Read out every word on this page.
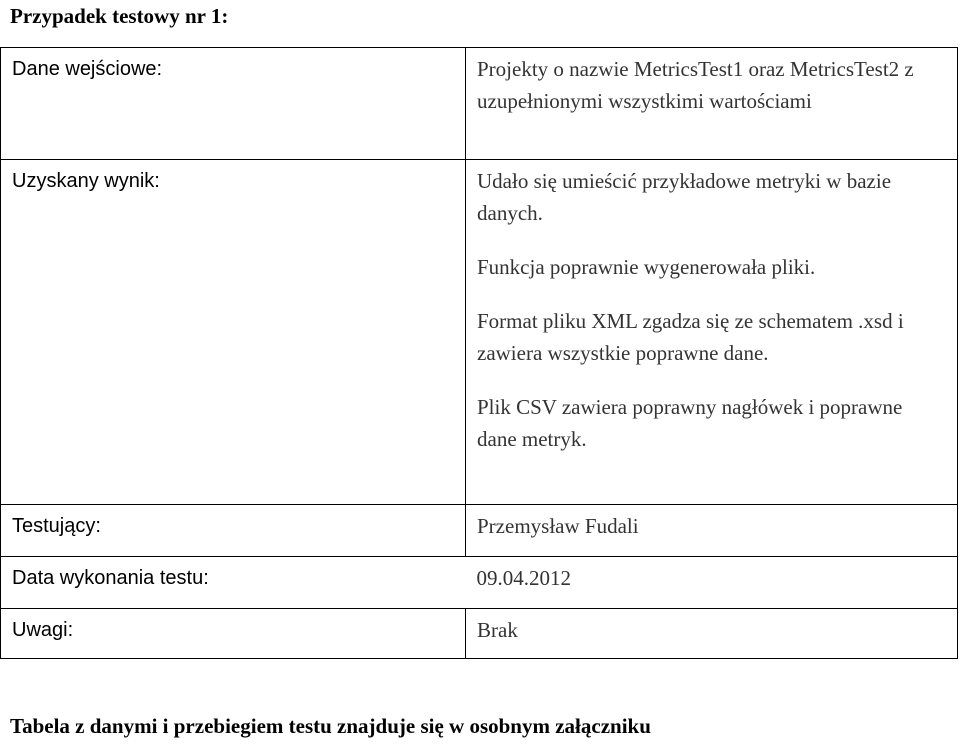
Przypadek testowy nr 1:
Dane wejściowe:	Projekty o nazwie MetricsTest1 oraz MetricsTest2 z uzupełnionymi wszystkimi wartościami

Uzyskany wynik:	Udało się umieścić przykładowe metryki w bazie danych.

Funkcja poprawnie wygenerowała pliki.

Format pliku XML zgadza się ze schematem .xsd i zawiera wszystkie poprawne dane.

Plik CSV zawiera poprawny nagłówek i poprawne dane metryk.

Testujący:	Przemysław Fudali
Data wykonania testu:	09.04.2012
Uwagi:	Brak
Tabela z danymi i przebiegiem testu znajduje się w osobnym załączniku
